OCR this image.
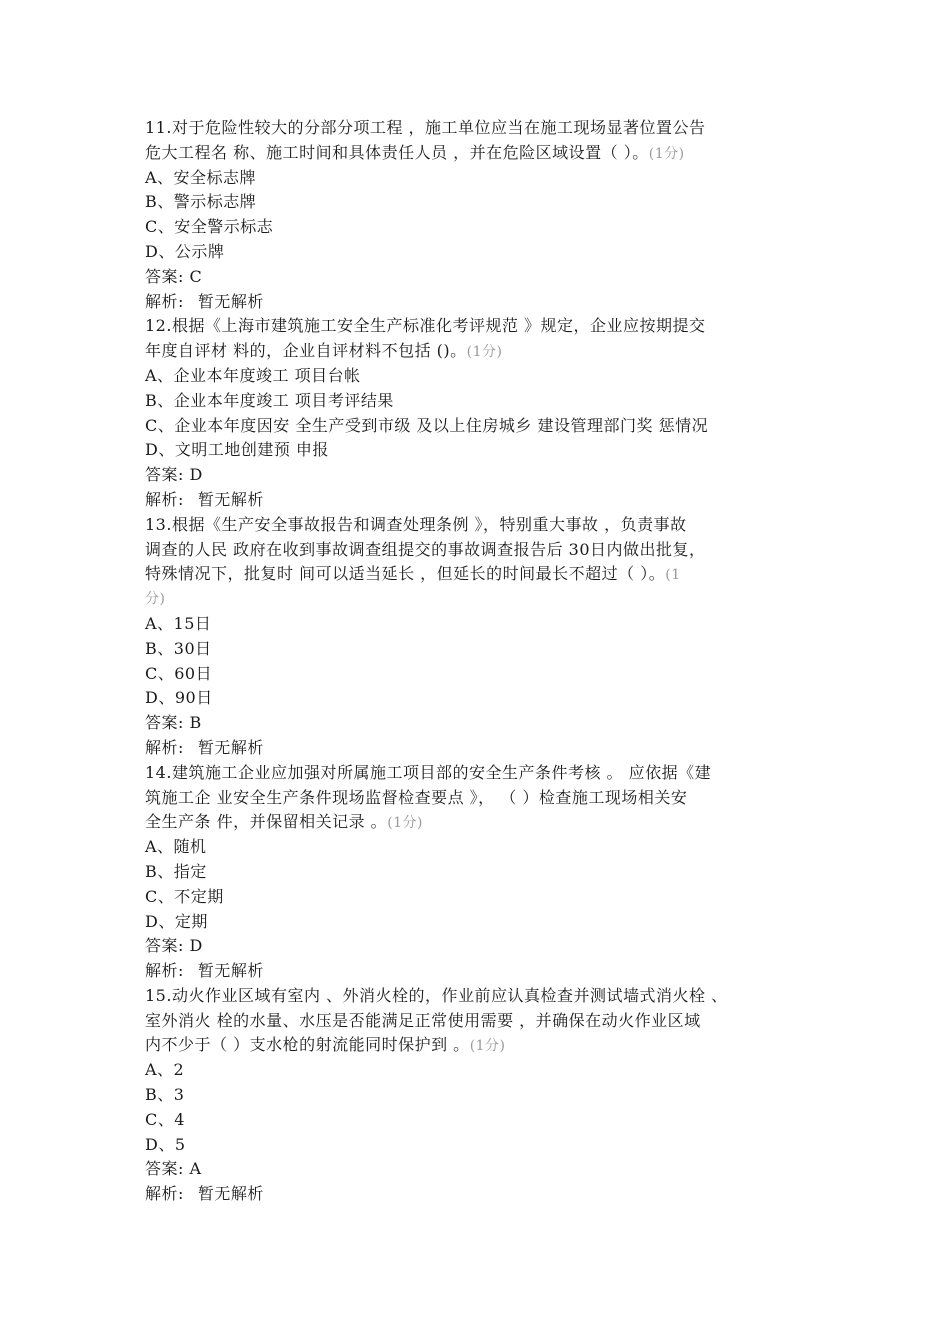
11.对于危险性较大的分部分项工程 ，施工单位应当在施工现场显著位置公告
危大工程名 称、施工时间和具体责任人员 ，并在危险区域设置（ ）。(1分)
A、安全标志牌
B、警示标志牌
C、安全警示标志
D、公示牌
答案: C
解析: 暂无解析
12.根据《上海市建筑施工安全生产标准化考评规范 》规定，企业应按期提交
年度自评材 料的，企业自评材料不包括 ()。(1分)
A、企业本年度竣工 项目台帐
B、企业本年度竣工 项目考评结果
C、企业本年度因安 全生产受到市级 及以上住房城乡 建设管理部门奖 惩情况
D、文明工地创建预 申报
答案: D
解析: 暂无解析
13.根据《生产安全事故报告和调查处理条例 》，特别重大事故 ，负责事故
调查的人民 政府在收到事故调查组提交的事故调查报告后 30日内做出批复，
特殊情况下，批复时 间可以适当延长 ，但延长的时间最长不超过（ ）。(1
分)
A、15日
B、30日
C、60日
D、90日
答案: B
解析: 暂无解析
14.建筑施工企业应加强对所属施工项目部的安全生产条件考核 。 应依据《建
筑施工企 业安全生产条件现场监督检查要点 》， （ ）检查施工现场相关安
全生产条 件，并保留相关记录 。(1分)
A、随机
B、指定
C、不定期
D、定期
答案: D
解析: 暂无解析
15.动火作业区域有室内 、外消火栓的，作业前应认真检查并测试墙式消火栓 、
室外消火 栓的水量、水压是否能满足正常使用需要 ，并确保在动火作业区域
内不少于（ ）支水枪的射流能同时保护到 。(1分)
A、2
B、3
C、4
D、5
答案: A
解析: 暂无解析
